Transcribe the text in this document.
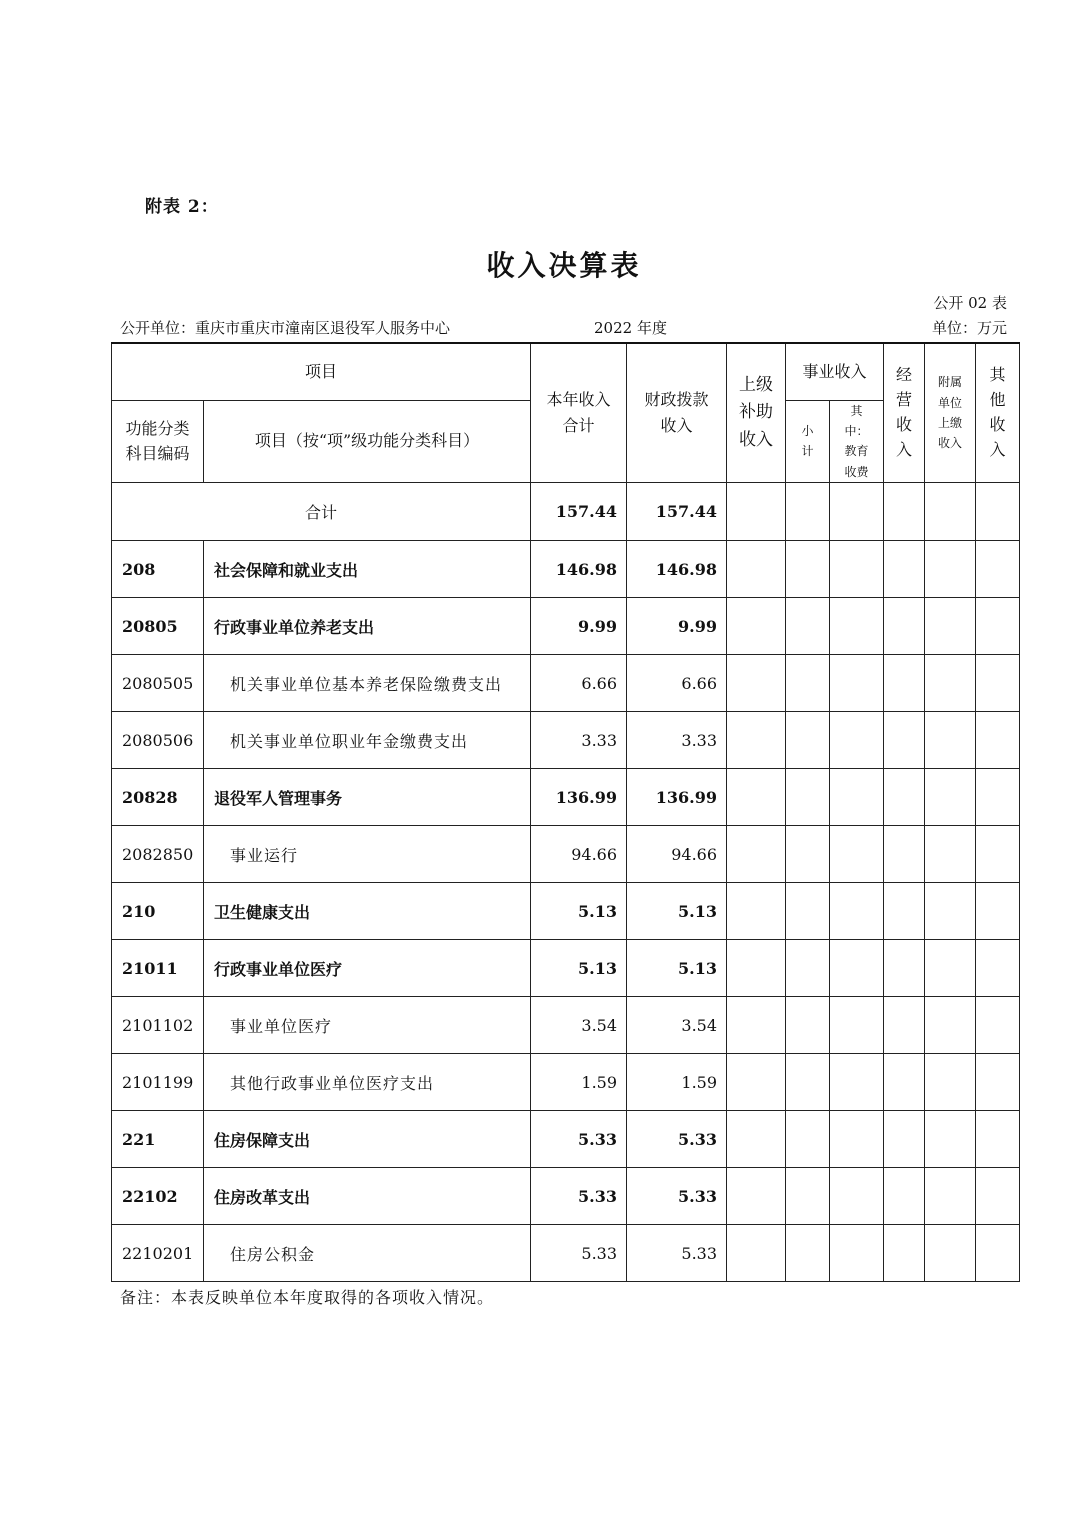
附表 2：
收入决算表
公开 02 表
公开单位：重庆市重庆市潼南区退役军人服务中心	2022 年度	单位：万元
项目		本年收入合计	财政拨款收入	上级补助收入	事业收入		经营收入	附属单位上缴收入	其他收入

功能分类科目编码	项目（按“项”级功能分类科目）				小计	其中：教育收费			

合计		157.44	157.44						
208	社会保障和就业支出	146.98	146.98						
20805	行政事业单位养老支出	9.99	9.99						
2080505	机关事业单位基本养老保险缴费支出	6.66	6.66						
2080506	机关事业单位职业年金缴费支出	3.33	3.33						
20828	退役军人管理事务	136.99	136.99						
2082850	事业运行	94.66	94.66						
210	卫生健康支出	5.13	5.13						
21011	行政事业单位医疗	5.13	5.13						
2101102	事业单位医疗	3.54	3.54						
2101199	其他行政事业单位医疗支出	1.59	1.59						
221	住房保障支出	5.33	5.33						
22102	住房改革支出	5.33	5.33						
2210201	住房公积金	5.33	5.33						
备注：本表反映单位本年度取得的各项收入情况。
